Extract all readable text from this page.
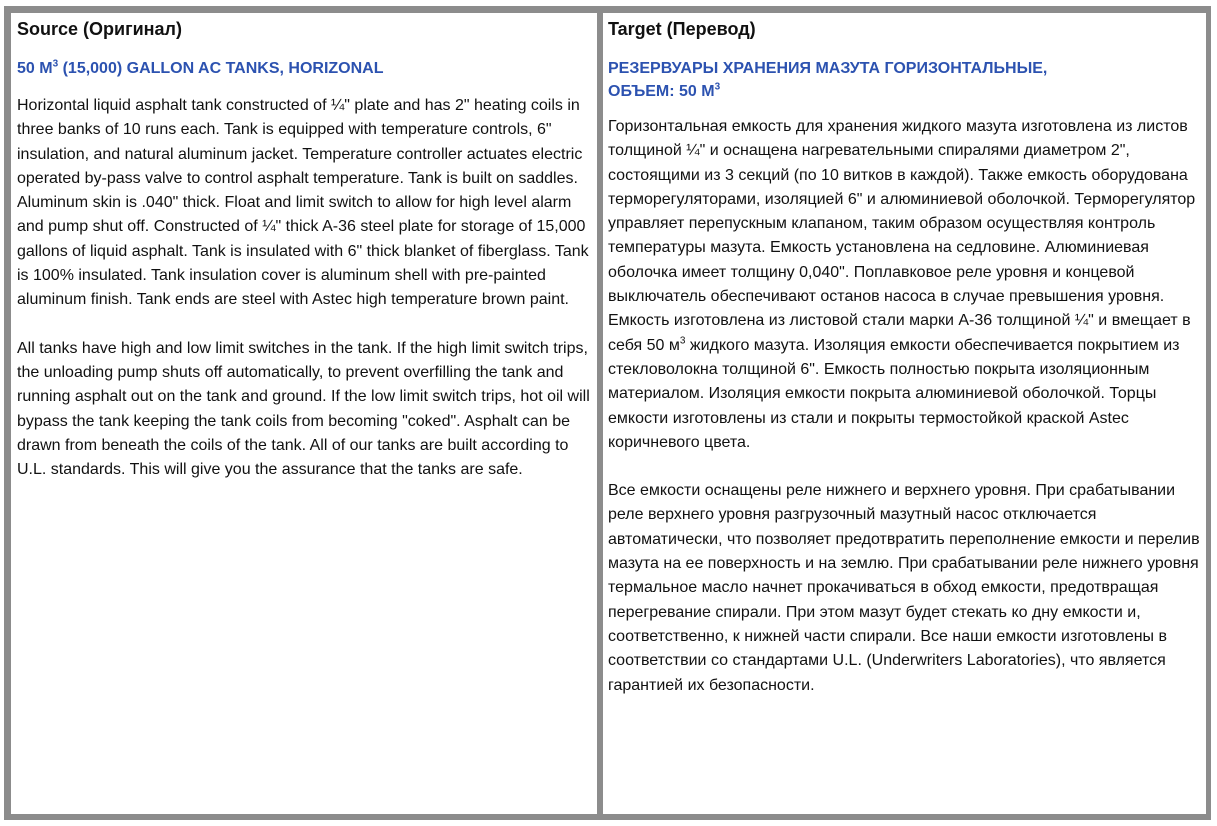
Source (Оригинал)

50 $M^3$ (15,000) GALLON AC TANKS, HORIZONAL

Horizontal liquid asphalt tank constructed of ¼" plate and has 2" heating coils in three banks of 10 runs each. Tank is equipped with temperature controls, 6" insulation, and natural aluminum jacket. Temperature controller actuates electric operated by-pass valve to control asphalt temperature. Tank is built on saddles. Aluminum skin is .040" thick. Float and limit switch to allow for high level alarm and pump shut off. Constructed of ¼" thick A-36 steel plate for storage of 15,000 gallons of liquid asphalt. Tank is insulated with 6" thick blanket of fiberglass. Tank is 100% insulated. Tank insulation cover is aluminum shell with pre-painted aluminum finish. Tank ends are steel with Astec high temperature brown paint.

All tanks have high and low limit switches in the tank. If the high limit switch trips, the unloading pump shuts off automatically, to prevent overfilling the tank and running asphalt out on the tank and ground. If the low limit switch trips, hot oil will bypass the tank keeping the tank coils from becoming "coked". Asphalt can be drawn from beneath the coils of the tank. All of our tanks are built according to U.L. standards. This will give you the assurance that the tanks are safe.

Target (Перевод)

РЕЗЕРВУАРЫ ХРАНЕНИЯ МАЗУТА ГОРИЗОНТАЛЬНЫЕ,
ОБЪЕМ: 50 $М^3$

Горизонтальная емкость для хранения жидкого мазута изготовлена из листов толщиной ¼" и оснащена нагревательными спиралями диаметром 2", состоящими из 3 секций (по 10 витков в каждой). Также емкость оборудована терморегуляторами, изоляцией 6" и алюминиевой оболочкой. Терморегулятор управляет перепускным клапаном, таким образом осуществляя контроль температуры мазута. Емкость установлена на седловине. Алюминиевая оболочка имеет толщину 0,040". Поплавковое реле уровня и концевой выключатель обеспечивают останов насоса в случае превышения уровня. Емкость изготовлена из листовой стали марки А-36 толщиной ¼" и вмещает в себя 50 $м^3$ жидкого мазута. Изоляция емкости обеспечивается покрытием из стекловолокна толщиной 6". Емкость полностью покрыта изоляционным материалом. Изоляция емкости покрыта алюминиевой оболочкой. Торцы емкости изготовлены из стали и покрыты термостойкой краской Astec коричневого цвета.

Все емкости оснащены реле нижнего и верхнего уровня. При срабатывании реле верхнего уровня разгрузочный мазутный насос отключается автоматически, что позволяет предотвратить переполнение емкости и перелив мазута на ее поверхность и на землю. При срабатывании реле нижнего уровня термальное масло начнет прокачиваться в обход емкости, предотвращая перегревание спирали. При этом мазут будет стекать ко дну емкости и, соответственно, к нижней части спирали. Все наши емкости изготовлены в соответствии со стандартами U.L. (Underwriters Laboratories), что является гарантией их безопасности.
